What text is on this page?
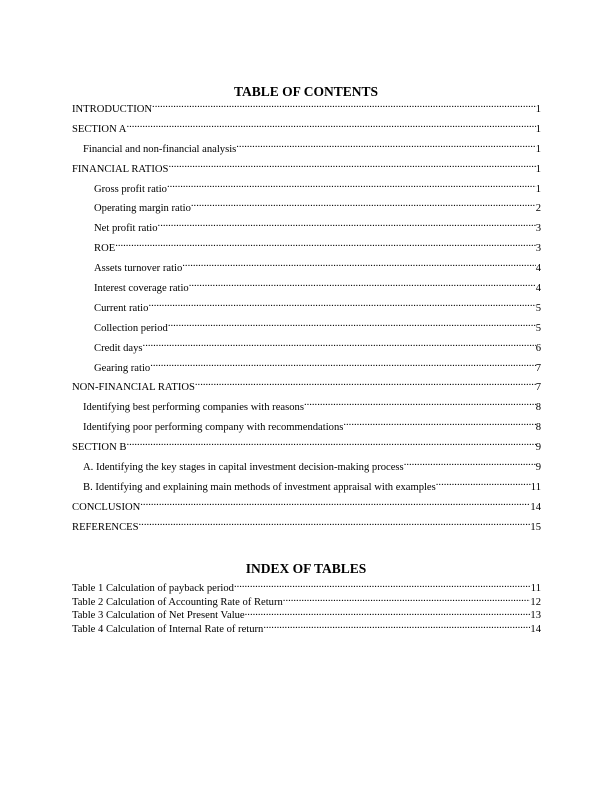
TABLE OF CONTENTS
INTRODUCTION .....	1
SECTION A .....	1
Financial and non-financial analysis .....	1
FINANCIAL RATIOS .....	1
Gross profit ratio .....	1
Operating margin ratio .....	2
Net profit ratio .....	3
ROE .....	3
Assets turnover ratio .....	4
Interest coverage ratio .....	4
Current ratio .....	5
Collection period .....	5
Credit days .....	6
Gearing ratio .....	7
NON-FINANCIAL RATIOS .....	7
Identifying best performing companies with reasons .....	8
Identifying poor performing company with recommendations .....	8
SECTION B .....	9
A. Identifying the key stages in capital investment decision-making process .....	9
B. Identifying and explaining main methods of investment appraisal with examples .....	11
CONCLUSION .....	14
REFERENCES .....	15
INDEX OF TABLES
Table 1 Calculation of payback period .....	11
Table 2 Calculation of Accounting Rate of Return .....	12
Table 3 Calculation of Net Present Value .....	13
Table 4 Calculation of Internal Rate of return .....	14
